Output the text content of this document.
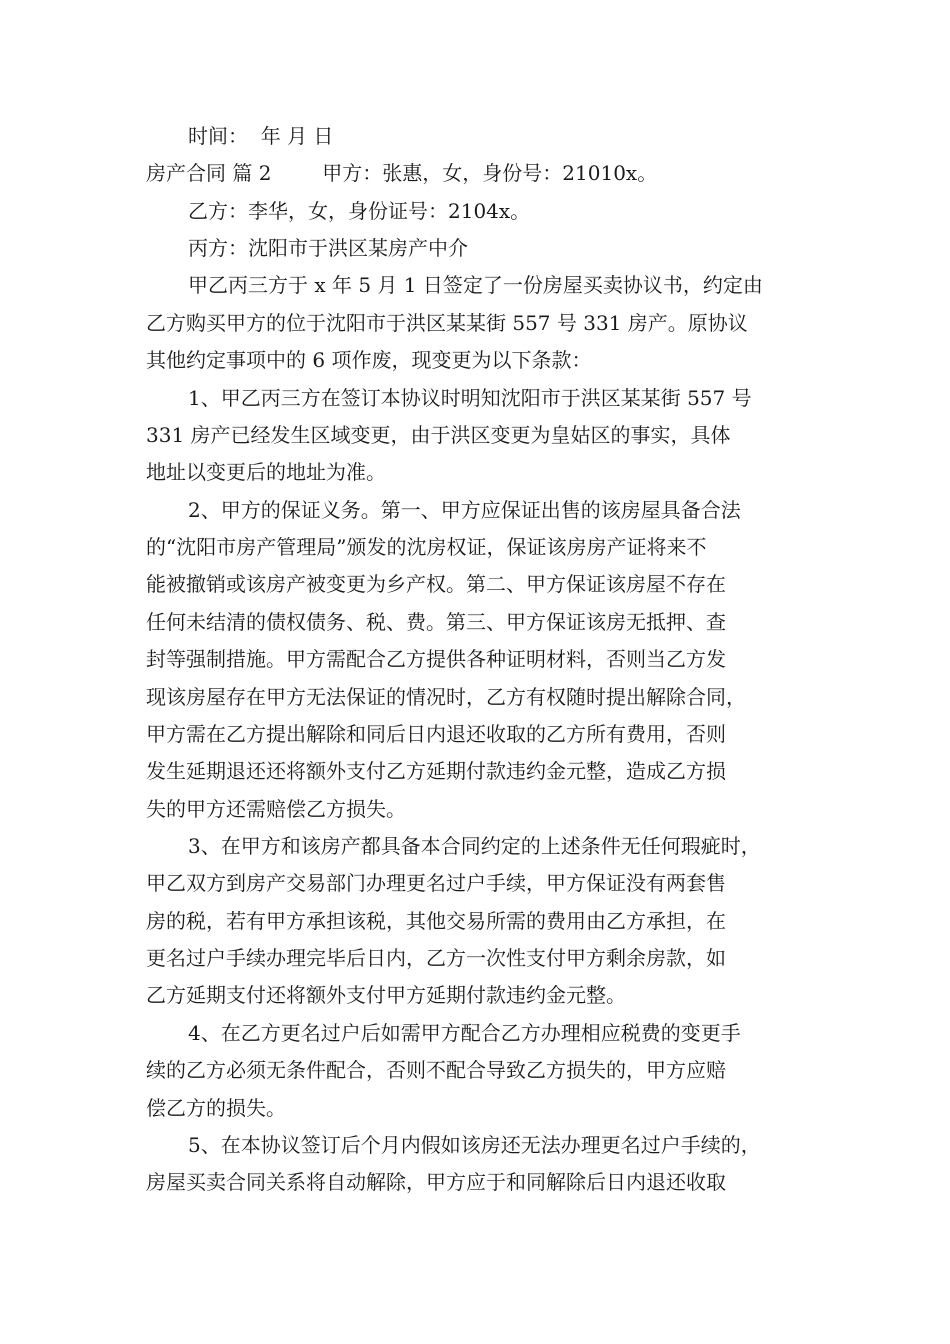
时间：  年 月 日
房产合同 篇 2        甲方：张惠，女，身份号：21010x。
乙方：李华，女，身份证号：2104x。
丙方：沈阳市于洪区某房产中介
甲乙丙三方于 x 年 5 月 1 日签定了一份房屋买卖协议书，约定由
乙方购买甲方的位于沈阳市于洪区某某街 557 号 331 房产。原协议
其他约定事项中的 6 项作废，现变更为以下条款：
1、甲乙丙三方在签订本协议时明知沈阳市于洪区某某街 557 号
331 房产已经发生区域变更，由于洪区变更为皇姑区的事实，具体
地址以变更后的地址为准。
2、甲方的保证义务。第一、甲方应保证出售的该房屋具备合法
的“沈阳市房产管理局”颁发的沈房权证，保证该房房产证将来不
能被撤销或该房产被变更为乡产权。第二、甲方保证该房屋不存在
任何未结清的债权债务、税、费。第三、甲方保证该房无抵押、查
封等强制措施。甲方需配合乙方提供各种证明材料，否则当乙方发
现该房屋存在甲方无法保证的情况时，乙方有权随时提出解除合同，
甲方需在乙方提出解除和同后日内退还收取的乙方所有费用，否则
发生延期退还还将额外支付乙方延期付款违约金元整，造成乙方损
失的甲方还需赔偿乙方损失。
3、在甲方和该房产都具备本合同约定的上述条件无任何瑕疵时，
甲乙双方到房产交易部门办理更名过户手续，甲方保证没有两套售
房的税，若有甲方承担该税，其他交易所需的费用由乙方承担，在
更名过户手续办理完毕后日内，乙方一次性支付甲方剩余房款，如
乙方延期支付还将额外支付甲方延期付款违约金元整。
4、在乙方更名过户后如需甲方配合乙方办理相应税费的变更手
续的乙方必须无条件配合，否则不配合导致乙方损失的，甲方应赔
偿乙方的损失。
5、在本协议签订后个月内假如该房还无法办理更名过户手续的，
房屋买卖合同关系将自动解除，甲方应于和同解除后日内退还收取
